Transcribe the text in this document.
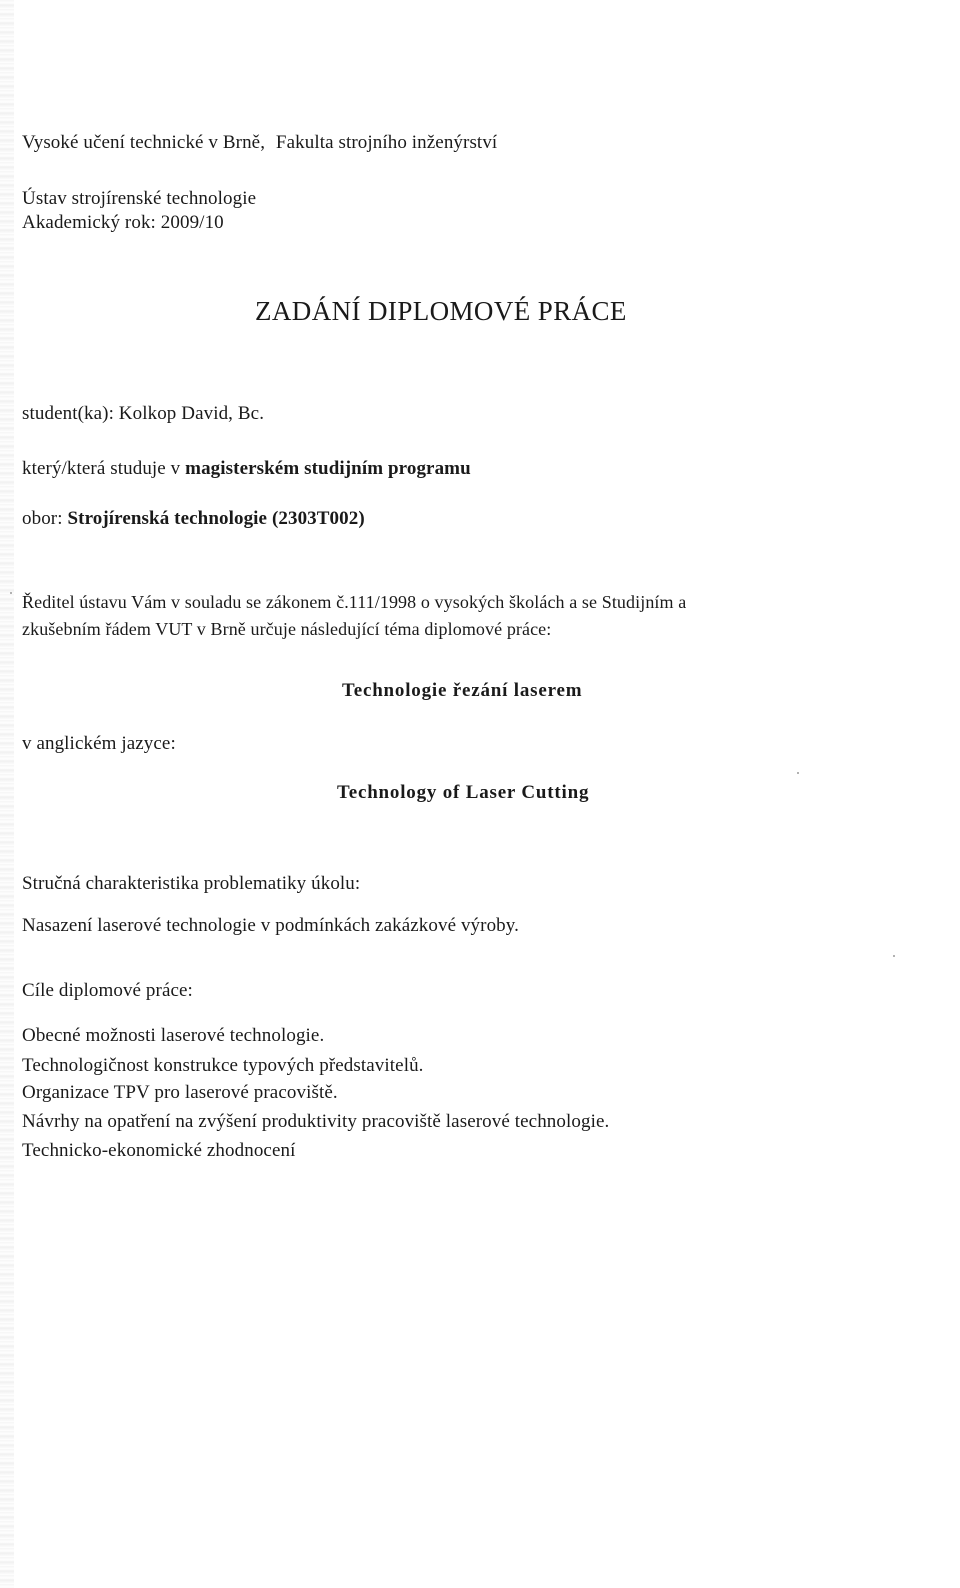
Vysoké učení technické v Brně, Fakulta strojního inženýrství
Ústav strojírenské technologie
Akademický rok: 2009/10
ZADÁNÍ DIPLOMOVÉ PRÁCE
student(ka): Kolkop David, Bc.
který/která studuje v magisterském studijním programu
obor: Strojírenská technologie (2303T002)
Ředitel ústavu Vám v souladu se zákonem č.111/1998 o vysokých školách a se Studijním a
zkušebním řádem VUT v Brně určuje následující téma diplomové práce:
Technologie řezání laserem
v anglickém jazyce:
Technology of Laser Cutting
Stručná charakteristika problematiky úkolu:
Nasazení laserové technologie v podmínkách zakázkové výroby.
Cíle diplomové práce:
Obecné možnosti laserové technologie.
Technologičnost konstrukce typových představitelů.
Organizace TPV pro laserové pracoviště.
Návrhy na opatření na zvýšení produktivity pracoviště laserové technologie.
Technicko-ekonomické zhodnocení
